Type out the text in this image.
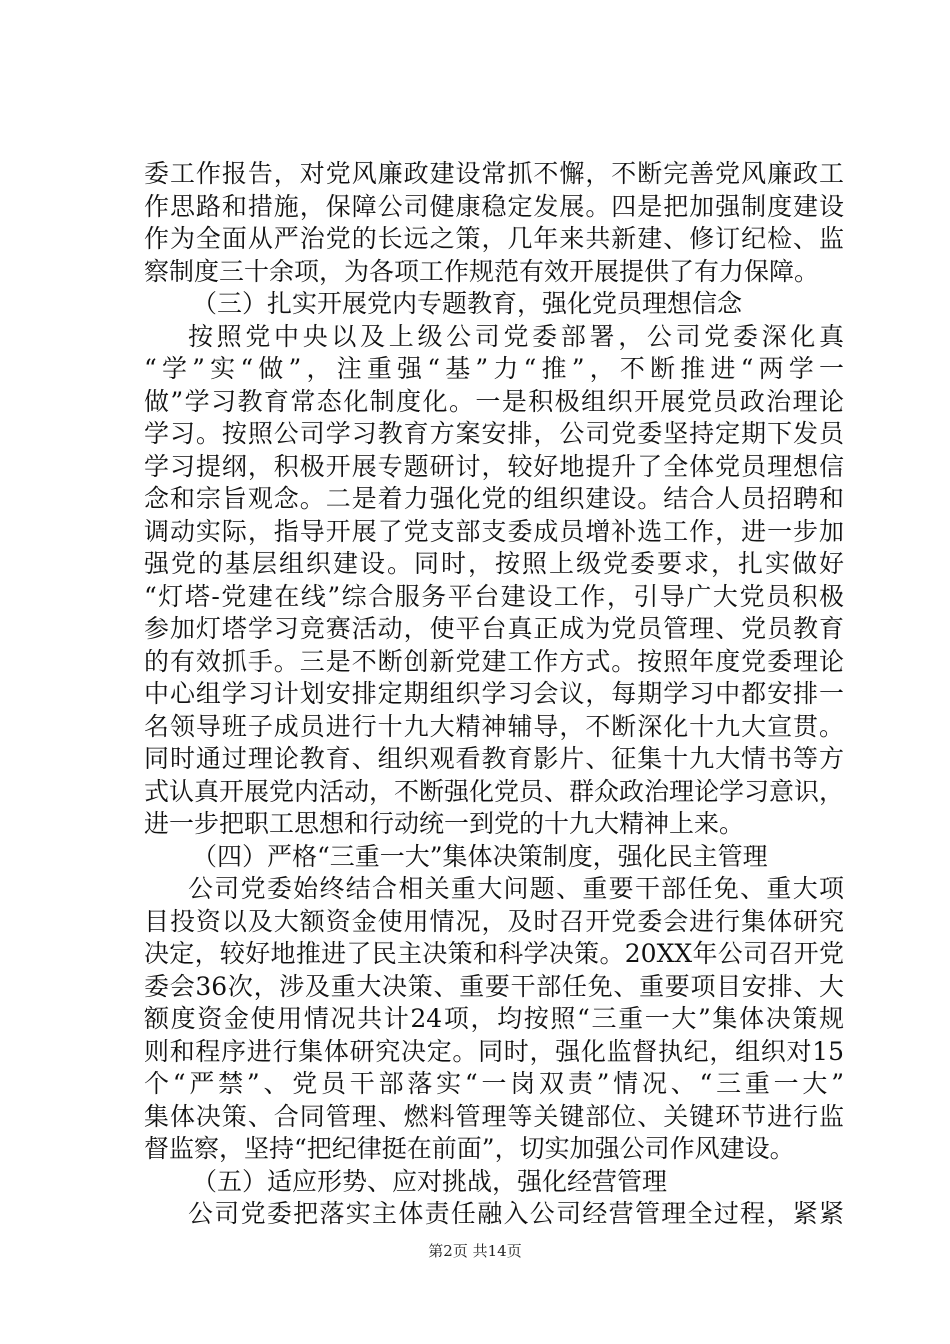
委工作报告，对党风廉政建设常抓不懈，不断完善党风廉政工
作思路和措施，保障公司健康稳定发展。四是把加强制度建设
作为全面从严治党的长远之策，几年来共新建、修订纪检、监
察制度三十余项，为各项工作规范有效开展提供了有力保障。
（三）扎实开展党内专题教育，强化党员理想信念
按照党中央以及上级公司党委部署，公司党委深化真
“学”实“做”，注重强“基”力“推”，不断推进“两学一
做”学习教育常态化制度化。一是积极组织开展党员政治理论
学习。按照公司学习教育方案安排，公司党委坚持定期下发员
学习提纲，积极开展专题研讨，较好地提升了全体党员理想信
念和宗旨观念。二是着力强化党的组织建设。结合人员招聘和
调动实际，指导开展了党支部支委成员增补选工作，进一步加
强党的基层组织建设。同时，按照上级党委要求，扎实做好
“灯塔-党建在线”综合服务平台建设工作，引导广大党员积极
参加灯塔学习竞赛活动，使平台真正成为党员管理、党员教育
的有效抓手。三是不断创新党建工作方式。按照年度党委理论
中心组学习计划安排定期组织学习会议，每期学习中都安排一
名领导班子成员进行十九大精神辅导，不断深化十九大宣贯。
同时通过理论教育、组织观看教育影片、征集十九大情书等方
式认真开展党内活动，不断强化党员、群众政治理论学习意识，
进一步把职工思想和行动统一到党的十九大精神上来。
（四）严格“三重一大”集体决策制度，强化民主管理
公司党委始终结合相关重大问题、重要干部任免、重大项
目投资以及大额资金使用情况，及时召开党委会进行集体研究
决定，较好地推进了民主决策和科学决策。20XX年公司召开党
委会36次，涉及重大决策、重要干部任免、重要项目安排、大
额度资金使用情况共计24项，均按照“三重一大”集体决策规
则和程序进行集体研究决定。同时，强化监督执纪，组织对15
个“严禁”、党员干部落实“一岗双责”情况、“三重一大”
集体决策、合同管理、燃料管理等关键部位、关键环节进行监
督监察，坚持“把纪律挺在前面”，切实加强公司作风建设。
（五）适应形势、应对挑战，强化经营管理
公司党委把落实主体责任融入公司经营管理全过程，紧紧
第2页 共14页
